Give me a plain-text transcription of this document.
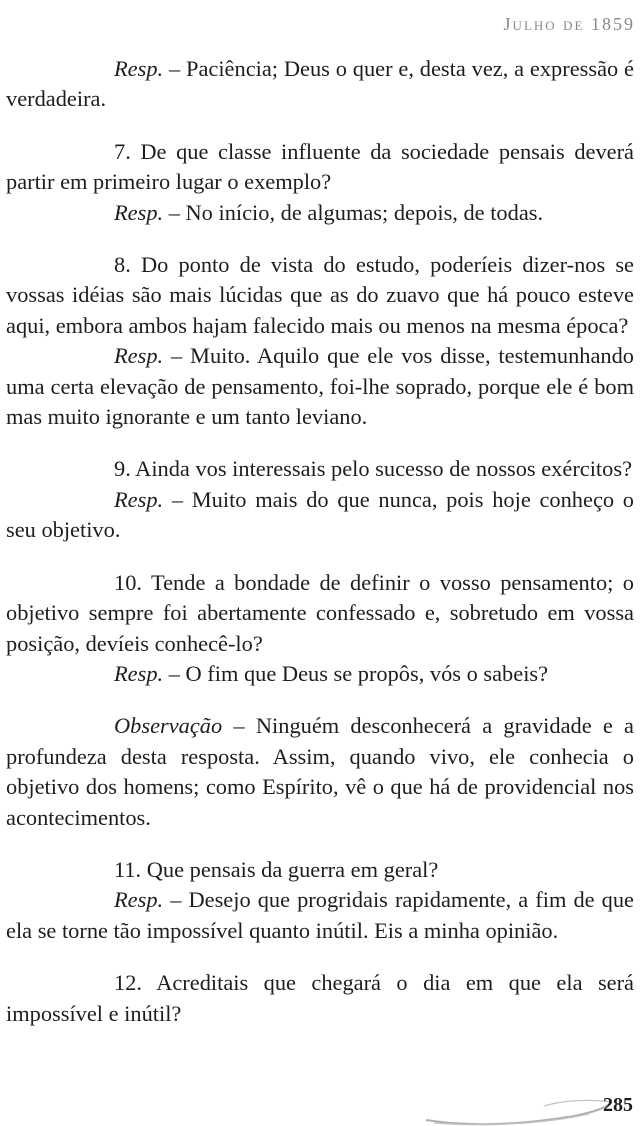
Julho de 1859

Resp. – Paciência; Deus o quer e, desta vez, a expressão é verdadeira.

7. De que classe influente da sociedade pensais deverá partir em primeiro lugar o exemplo?

Resp. – No início, de algumas; depois, de todas.

8. Do ponto de vista do estudo, poderíeis dizer-nos se vossas idéias são mais lúcidas que as do zuavo que há pouco esteve aqui, embora ambos hajam falecido mais ou menos na mesma época?

Resp. – Muito. Aquilo que ele vos disse, testemunhando uma certa elevação de pensamento, foi-lhe soprado, porque ele é bom mas muito ignorante e um tanto leviano.

9. Ainda vos interessais pelo sucesso de nossos exércitos?

Resp. – Muito mais do que nunca, pois hoje conheço o seu objetivo.

10. Tende a bondade de definir o vosso pensamento; o objetivo sempre foi abertamente confessado e, sobretudo em vossa posição, devíeis conhecê-lo?

Resp. – O fim que Deus se propôs, vós o sabeis?

Observação – Ninguém desconhecerá a gravidade e a profundeza desta resposta. Assim, quando vivo, ele conhecia o objetivo dos homens; como Espírito, vê o que há de providencial nos acontecimentos.

11. Que pensais da guerra em geral?

Resp. – Desejo que progridais rapidamente, a fim de que ela se torne tão impossível quanto inútil. Eis a minha opinião.

12. Acreditais que chegará o dia em que ela será impossível e inútil?

285
